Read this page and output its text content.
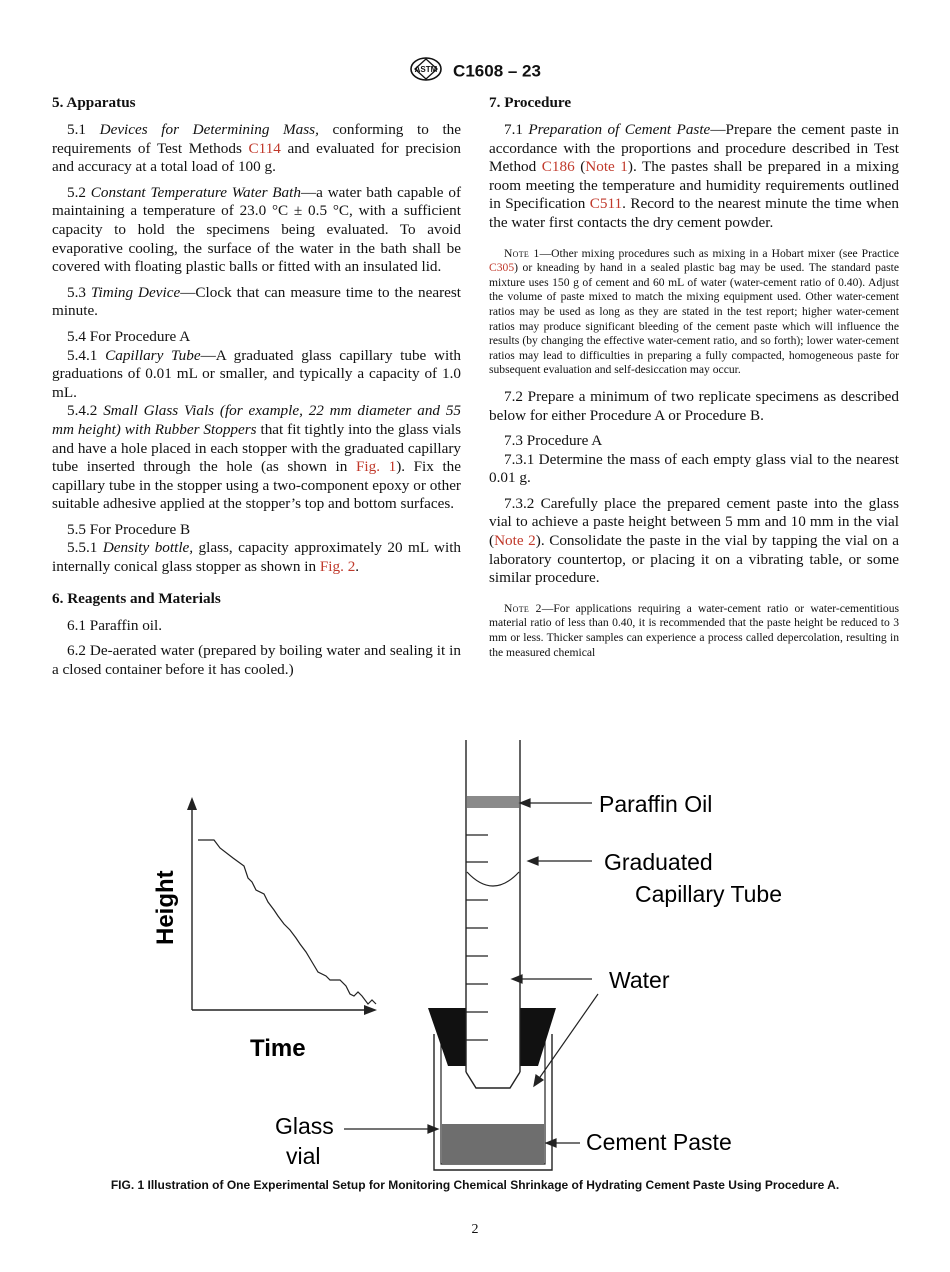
ASTM C1608 – 23
5. Apparatus

5.1 Devices for Determining Mass, conforming to the requirements of Test Methods C114 and evaluated for precision and accuracy at a total load of 100 g.

5.2 Constant Temperature Water Bath—a water bath capable of maintaining a temperature of 23.0 °C ± 0.5 °C, with a sufficient capacity to hold the specimens being evaluated. To avoid evaporative cooling, the surface of the water in the bath shall be covered with floating plastic balls or fitted with an insulated lid.

5.3 Timing Device—Clock that can measure time to the nearest minute.

5.4 For Procedure A

5.4.1 Capillary Tube—A graduated glass capillary tube with graduations of 0.01 mL or smaller, and typically a capacity of 1.0 mL.

5.4.2 Small Glass Vials (for example, 22 mm diameter and 55 mm height) with Rubber Stoppers that fit tightly into the glass vials and have a hole placed in each stopper with the graduated capillary tube inserted through the hole (as shown in Fig. 1). Fix the capillary tube in the stopper using a two-component epoxy or other suitable adhesive applied at the stopper’s top and bottom surfaces.

5.5 For Procedure B

5.5.1 Density bottle, glass, capacity approximately 20 mL with internally conical glass stopper as shown in Fig. 2.

6. Reagents and Materials

6.1 Paraffin oil.

6.2 De-aerated water (prepared by boiling water and sealing it in a closed container before it has cooled.)

7. Procedure

7.1 Preparation of Cement Paste—Prepare the cement paste in accordance with the proportions and procedure described in Test Method C186 (Note 1). The pastes shall be prepared in a mixing room meeting the temperature and humidity requirements outlined in Specification C511. Record to the nearest minute the time when the water first contacts the dry cement powder.

Note 1—Other mixing procedures such as mixing in a Hobart mixer (see Practice C305) or kneading by hand in a sealed plastic bag may be used. The standard paste mixture uses 150 g of cement and 60 mL of water (water-cement ratio of 0.40). Adjust the volume of paste mixed to match the mixing equipment used. Other water-cement ratios may be used as long as they are stated in the test report; higher water-cement ratios may produce significant bleeding of the cement paste which will influence the results (by changing the effective water-cement ratio, and so forth); lower water-cement ratios may lead to difficulties in preparing a fully compacted, homogeneous paste for subsequent evaluation and self-desiccation may occur.

7.2 Prepare a minimum of two replicate specimens as described below for either Procedure A or Procedure B.

7.3 Procedure A

7.3.1 Determine the mass of each empty glass vial to the nearest 0.01 g.

7.3.2 Carefully place the prepared cement paste into the glass vial to achieve a paste height between 5 mm and 10 mm in the vial (Note 2). Consolidate the paste in the vial by tapping the vial on a laboratory countertop, or placing it on a vibrating table, or some similar procedure.

Note 2—For applications requiring a water-cement ratio or water-cementitious material ratio of less than 0.40, it is recommended that the paste height be reduced to 3 mm or less. Thicker samples can experience a process called depercolation, resulting in the measured chemical
Height
Time
Paraffin Oil
Graduated
Capillary Tube
Water
Glass
vial
Cement Paste
FIG. 1 Illustration of One Experimental Setup for Monitoring Chemical Shrinkage of Hydrating Cement Paste Using Procedure A.
2
